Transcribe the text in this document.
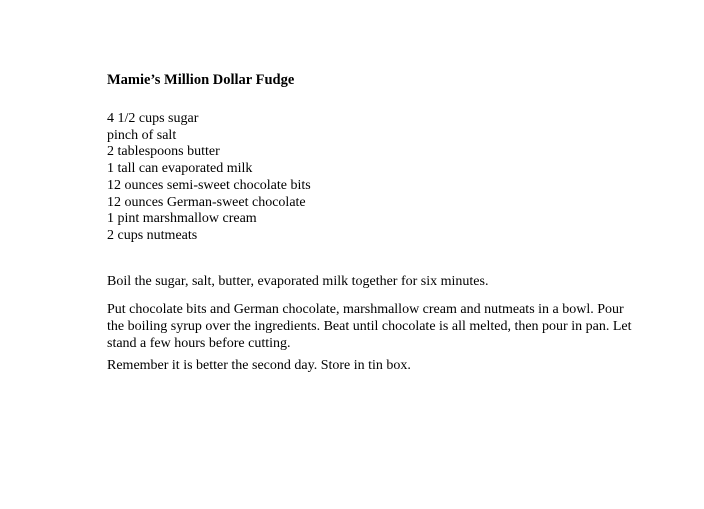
Mamie’s Million Dollar Fudge
4 1/2 cups sugar
pinch of salt
2 tablespoons butter
1 tall can evaporated milk
12 ounces semi-sweet chocolate bits
12 ounces German-sweet chocolate
1 pint marshmallow cream
2 cups nutmeats

Boil the sugar, salt, butter, evaporated milk together for six minutes.

Put chocolate bits and German chocolate, marshmallow cream and nutmeats in a bowl. Pour the boiling syrup over the ingredients. Beat until chocolate is all melted, then pour in pan. Let stand a few hours before cutting.

Remember it is better the second day. Store in tin box.
